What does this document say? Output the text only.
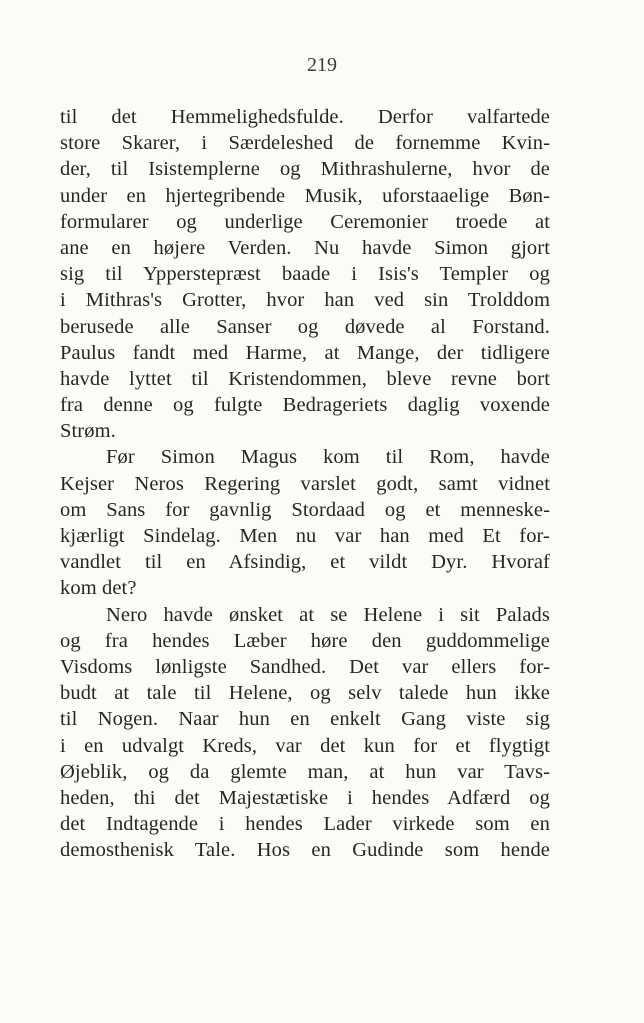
219
til det Hemmelighedsfulde. Derfor valfartede
store Skarer, i Særdeleshed de fornemme Kvin-
der, til Isistemplerne og Mithrashulerne, hvor de
under en hjertegribende Musik, uforstaaelige Bøn-
formularer og underlige Ceremonier troede at
ane en højere Verden. Nu havde Simon gjort
sig til Ypperstepræst baade i Isis's Templer og
i Mithras's Grotter, hvor han ved sin Trolddom
berusede alle Sanser og døvede al Forstand.
Paulus fandt med Harme, at Mange, der tidligere
havde lyttet til Kristendommen, bleve revne bort
fra denne og fulgte Bedrageriets daglig voxende
Strøm.
Før Simon Magus kom til Rom, havde
Kejser Neros Regering varslet godt, samt vidnet
om Sans for gavnlig Stordaad og et menneske-
kjærligt Sindelag. Men nu var han med Et for-
vandlet til en Afsindig, et vildt Dyr. Hvoraf
kom det?
Nero havde ønsket at se Helene i sit Palads
og fra hendes Læber høre den guddommelige
Visdoms lønligste Sandhed. Det var ellers for-
budt at tale til Helene, og selv talede hun ikke
til Nogen. Naar hun en enkelt Gang viste sig
i en udvalgt Kreds, var det kun for et flygtigt
Øjeblik, og da glemte man, at hun var Tavs-
heden, thi det Majestætiske i hendes Adfærd og
det Indtagende i hendes Lader virkede som en
demosthenisk Tale. Hos en Gudinde som hende
